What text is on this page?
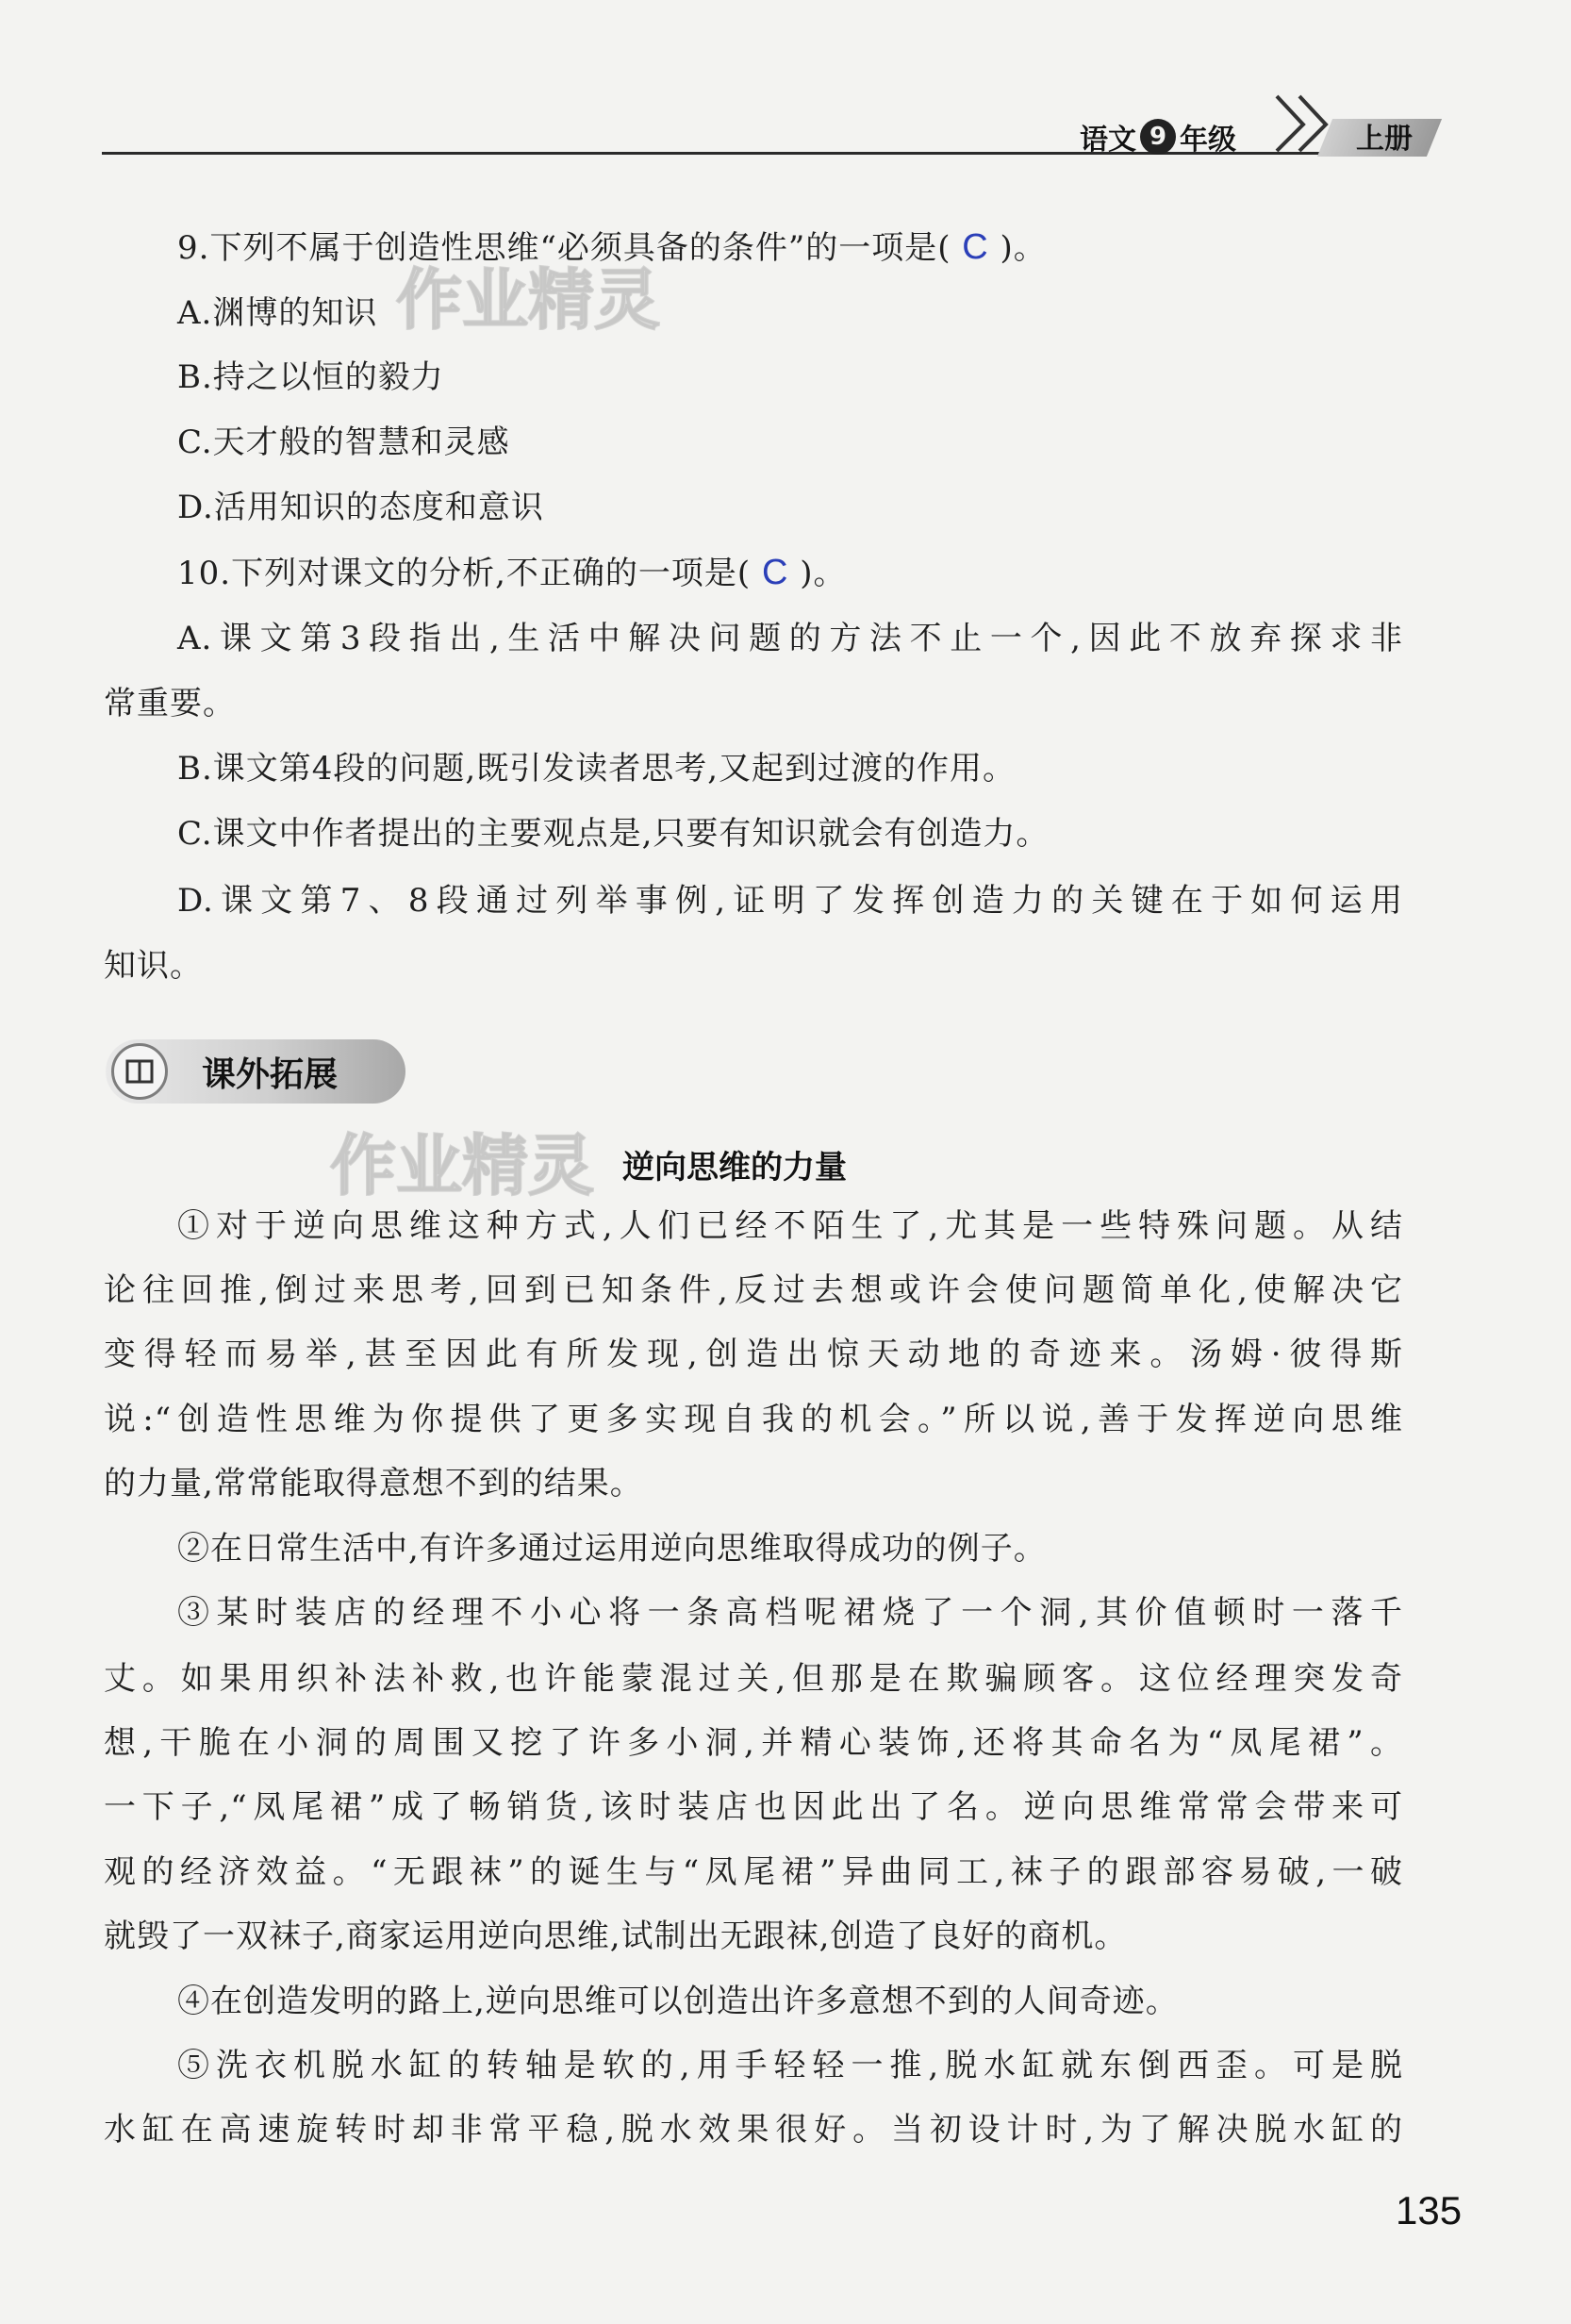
语文 9 年级	上册
9.下列不属于创造性思维“必须具备的条件”的一项是( C )。
A.渊博的知识
B.持之以恒的毅力
C.天才般的智慧和灵感
D.活用知识的态度和意识
10.下列对课文的分析,不正确的一项是( C )。
A.课文第3段指出,生活中解决问题的方法不止一个,因此不放弃探求非
常重要。
B.课文第4段的问题,既引发读者思考,又起到过渡的作用。
C.课文中作者提出的主要观点是,只要有知识就会有创造力。
D.课文第7、8段通过列举事例,证明了发挥创造力的关键在于如何运用
知识。
作业精灵
课外拓展
作业精灵 逆向思维的力量
①对于逆向思维这种方式,人们已经不陌生了,尤其是一些特殊问题。从结
论往回推,倒过来思考,回到已知条件,反过去想或许会使问题简单化,使解决它
变得轻而易举,甚至因此有所发现,创造出惊天动地的奇迹来。汤姆·彼得斯
说:“创造性思维为你提供了更多实现自我的机会。”所以说,善于发挥逆向思维
的力量,常常能取得意想不到的结果。
②在日常生活中,有许多通过运用逆向思维取得成功的例子。
③某时装店的经理不小心将一条高档呢裙烧了一个洞,其价值顿时一落千
丈。如果用织补法补救,也许能蒙混过关,但那是在欺骗顾客。这位经理突发奇
想,干脆在小洞的周围又挖了许多小洞,并精心装饰,还将其命名为“凤尾裙”。
一下子,“凤尾裙”成了畅销货,该时装店也因此出了名。逆向思维常常会带来可
观的经济效益。“无跟袜”的诞生与“凤尾裙”异曲同工,袜子的跟部容易破,一破
就毁了一双袜子,商家运用逆向思维,试制出无跟袜,创造了良好的商机。
④在创造发明的路上,逆向思维可以创造出许多意想不到的人间奇迹。
⑤洗衣机脱水缸的转轴是软的,用手轻轻一推,脱水缸就东倒西歪。可是脱
水缸在高速旋转时却非常平稳,脱水效果很好。当初设计时,为了解决脱水缸的
135
